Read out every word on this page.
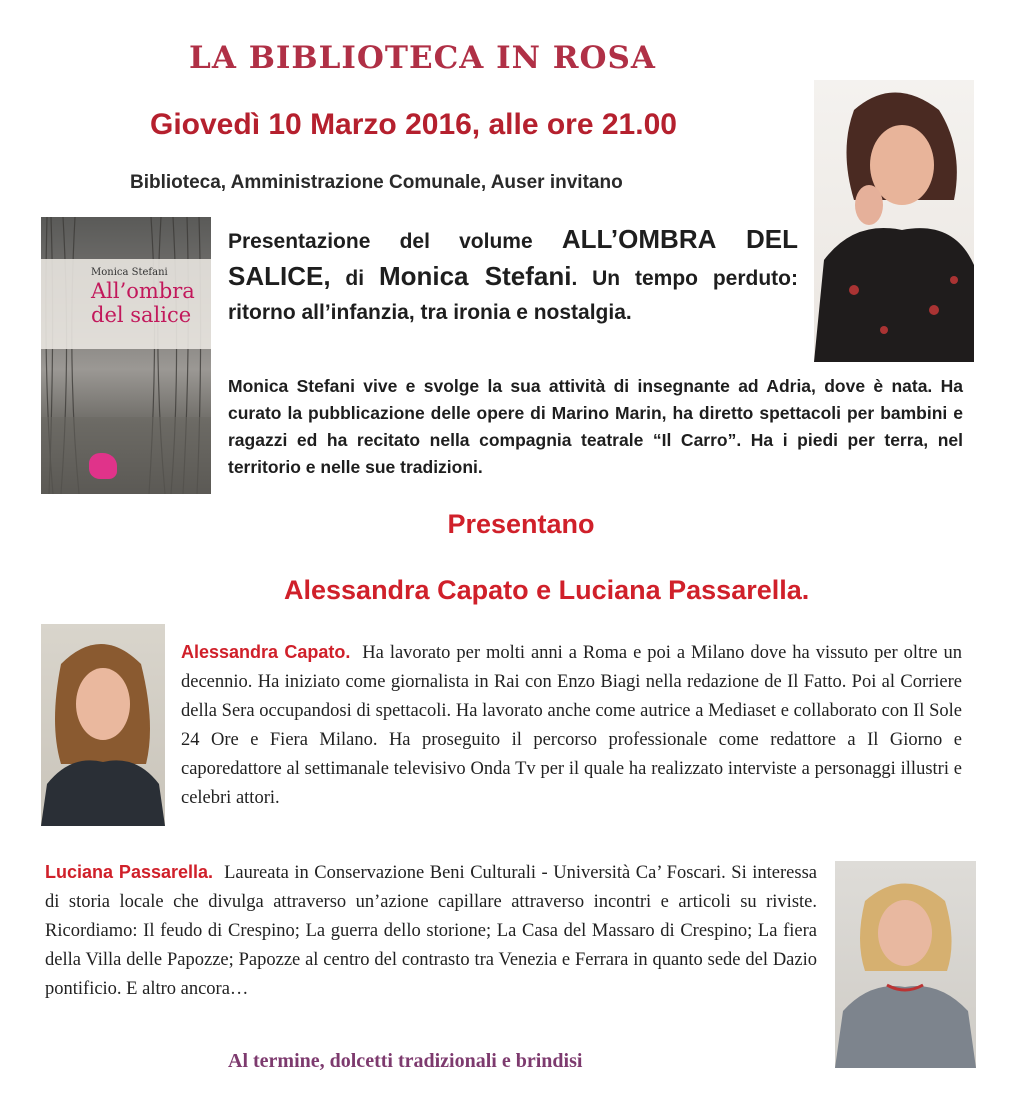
LA BIBLIOTECA IN ROSA
Giovedì 10 Marzo 2016, alle ore 21.00
Biblioteca, Amministrazione Comunale, Auser invitano
Monica Stefani
All’ombra del salice
Presentazione del volume ALL’OMBRA DEL SALICE, di Monica Stefani. Un tempo perduto: ritorno all’infanzia, tra ironia e nostalgia.
Monica Stefani vive e svolge la sua attività di insegnante ad Adria, dove è nata. Ha curato la pubblicazione delle opere di Marino Marin, ha diretto spettacoli per bambini e ragazzi ed ha recitato nella compagnia teatrale “Il Carro”. Ha i piedi per terra, nel territorio e nelle sue tradizioni.
Presentano
Alessandra Capato e Luciana Passarella.
Alessandra Capato. Ha lavorato per molti anni a Roma e poi a Milano dove ha vissuto per oltre un decennio. Ha iniziato come giornalista in Rai con Enzo Biagi nella redazione de Il Fatto. Poi al Corriere della Sera occupandosi di spettacoli. Ha lavorato anche come autrice a Mediaset e collaborato con Il Sole 24 Ore e Fiera Milano. Ha proseguito il percorso professionale come redattore a Il Giorno e caporedattore al settimanale televisivo Onda Tv per il quale ha realizzato interviste a personaggi illustri e celebri attori.
Luciana Passarella. Laureata in Conservazione Beni Culturali - Università Ca’ Foscari. Si interessa di storia locale che divulga attraverso un’azione capillare attraverso incontri e articoli su riviste. Ricordiamo: Il feudo di Crespino; La guerra dello storione; La Casa del Massaro di Crespino; La fiera della Villa delle Papozze; Papozze al centro del contrasto tra Venezia e Ferrara in quanto sede del Dazio pontificio. E altro ancora…
Al termine, dolcetti tradizionali e brindisi
